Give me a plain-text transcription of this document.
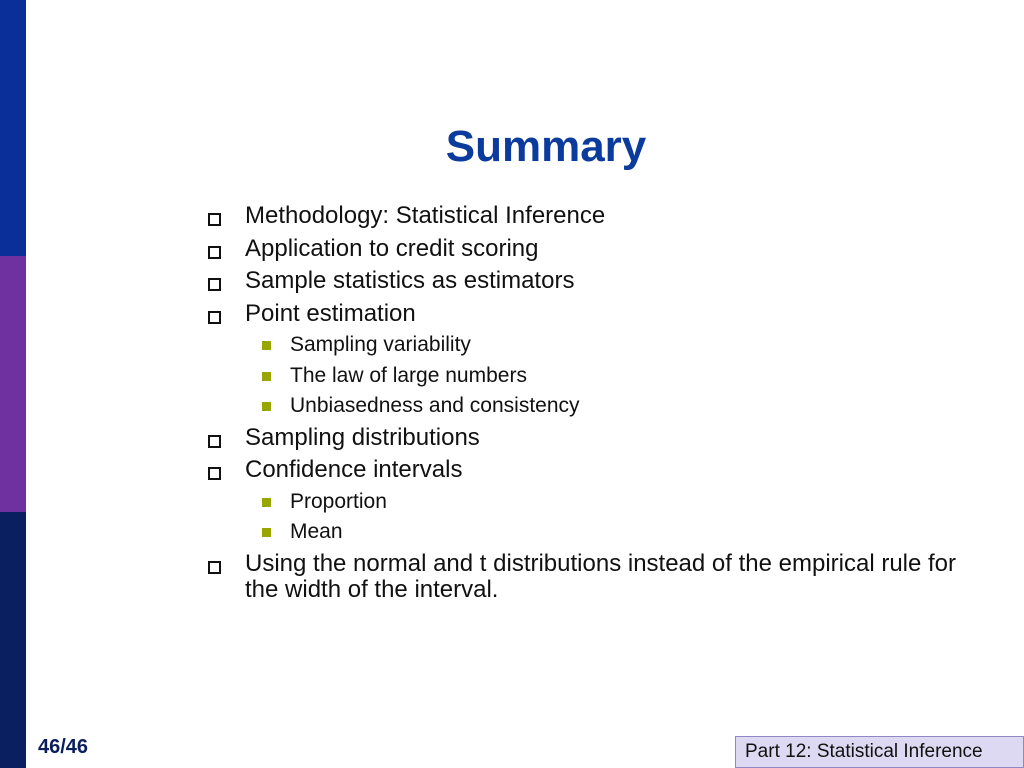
Summary
Methodology: Statistical Inference
Application to credit scoring
Sample statistics as estimators
Point estimation
Sampling variability
The law of large numbers
Unbiasedness and consistency
Sampling distributions
Confidence intervals
Proportion
Mean
Using the normal and t distributions instead of the empirical rule for the width of the interval.
46/46	Part 12: Statistical Inference
